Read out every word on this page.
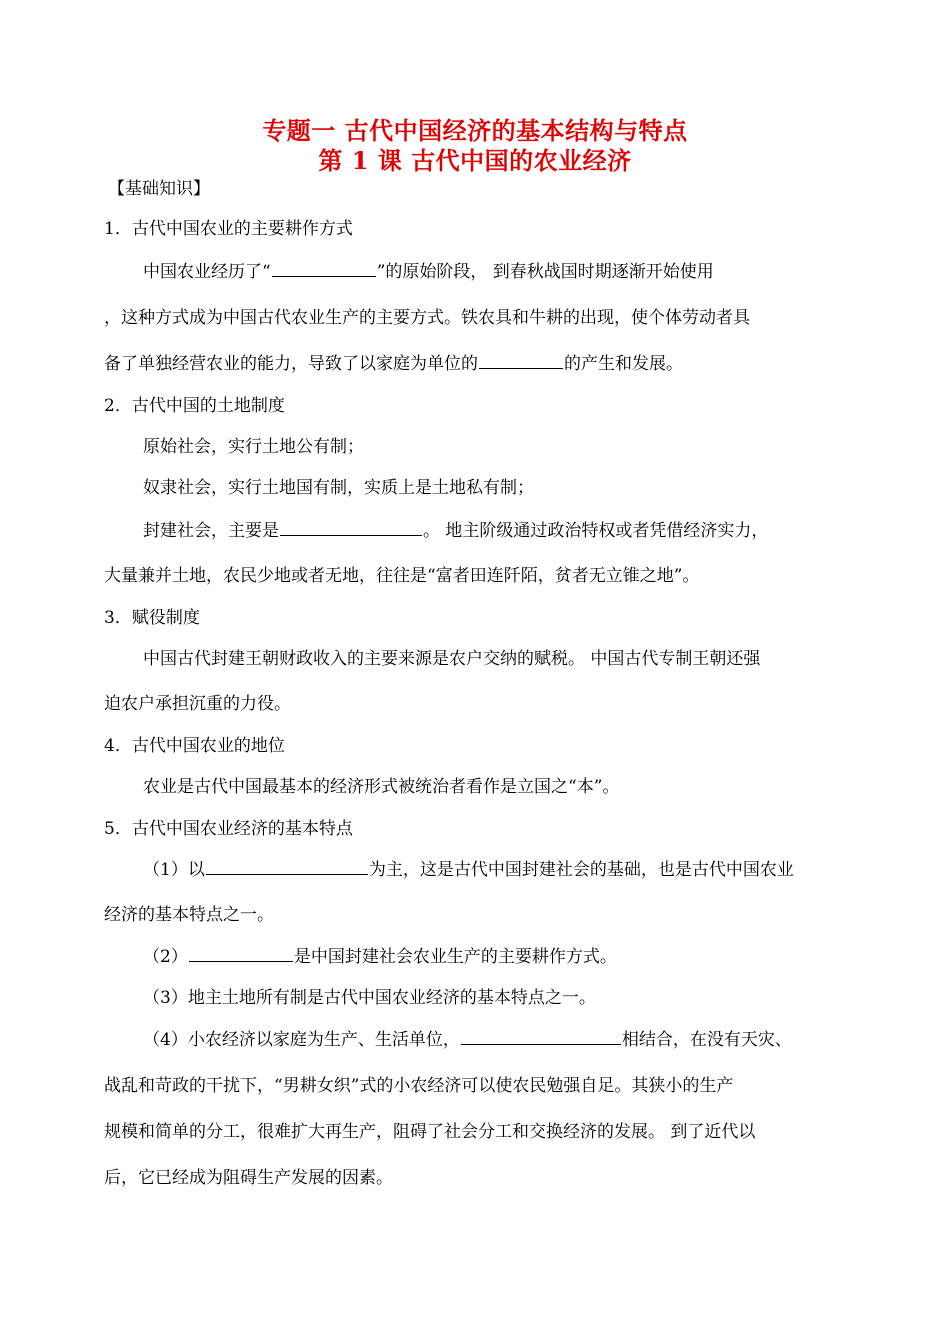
专题一 古代中国经济的基本结构与特点
第 1 课 古代中国的农业经济
【基础知识】
1．古代中国农业的主要耕作方式
中国农业经历了“	”的原始阶段， 到春秋战国时期逐渐开始使用
，这种方式成为中国古代农业生产的主要方式。铁农具和牛耕的出现，使个体劳动者具
备了单独经营农业的能力，导致了以家庭为单位的	的产生和发展。
2．古代中国的土地制度
原始社会，实行土地公有制；
奴隶社会，实行土地国有制，实质上是土地私有制；
封建社会，主要是	。 地主阶级通过政治特权或者凭借经济实力，
大量兼并土地，农民少地或者无地，往往是“富者田连阡陌，贫者无立锥之地”。
3．赋役制度
中国古代封建王朝财政收入的主要来源是农户交纳的赋税。 中国古代专制王朝还强
迫农户承担沉重的力役。
4．古代中国农业的地位
农业是古代中国最基本的经济形式被统治者看作是立国之“本”。
5．古代中国农业经济的基本特点
（1）以	为主，这是古代中国封建社会的基础，也是古代中国农业
经济的基本特点之一。
（2）	是中国封建社会农业生产的主要耕作方式。
（3）地主土地所有制是古代中国农业经济的基本特点之一。
（4）小农经济以家庭为生产、生活单位，	相结合，在没有天灾、
战乱和苛政的干扰下，“男耕女织”式的小农经济可以使农民勉强自足。其狭小的生产
规模和简单的分工，很难扩大再生产，阻碍了社会分工和交换经济的发展。 到了近代以
后，它已经成为阻碍生产发展的因素。
